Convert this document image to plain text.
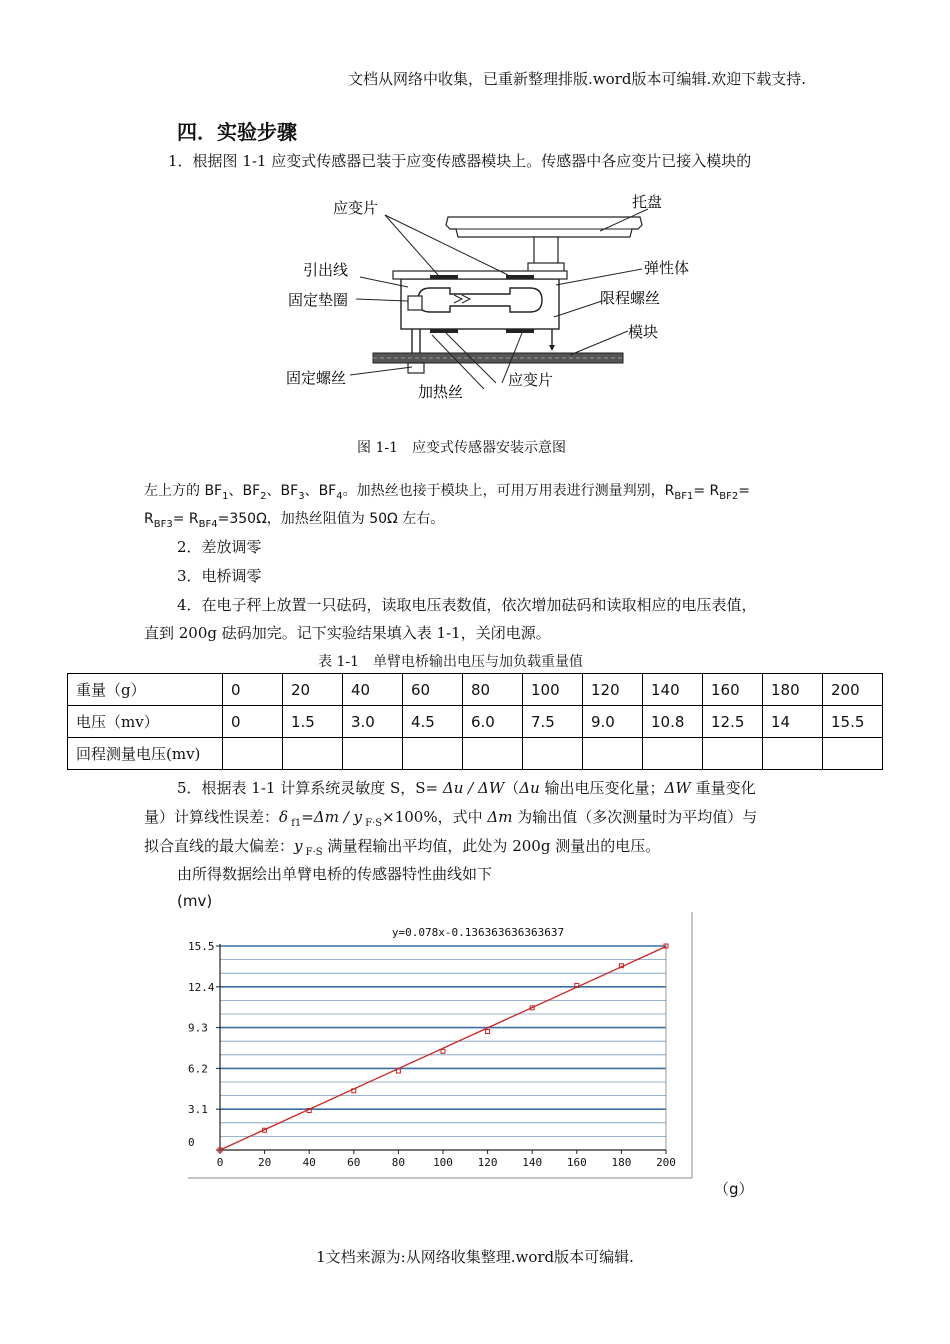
文档从网络中收集，已重新整理排版.word版本可编辑.欢迎下载支持.
四．实验步骤
1．根据图 1-1 应变式传感器已装于应变传感器模块上。传感器中各应变片已接入模块的
应变片	托盘
引出线	弹性体
固定垫圈	限程螺丝
模块
固定螺丝
加热丝
应变片
图 1-1　应变式传感器安装示意图
左上方的 $BF_1$、$BF_2$、$BF_3$、$BF_4$。加热丝也接于模块上，可用万用表进行测量判别，$R_{BF1}= R_{BF2}=$
$R_{BF3}= R_{BF4}=350\Omega$，加热丝阻值为 50Ω 左右。
2．差放调零
3．电桥调零
4．在电子秤上放置一只砝码，读取电压表数值，依次增加砝码和读取相应的电压表值，
直到 200g 砝码加完。记下实验结果填入表 1-1，关闭电源。
表 1-1　单臂电桥输出电压与加负载重量值
重量（g）	0	20	40	60	80	100	120	140	160	180	200
电压（mv）	0	1.5	3.0	4.5	6.0	7.5	9.0	10.8	12.5	14	15.5
回程测量电压(mv)											
5．根据表 1-1 计算系统灵敏度 S，S= Δu / ΔW（Δu 输出电压变化量；ΔW 重量变化
量）计算线性误差：δ $_{f1}$=Δm / y $_{F\cdot S}$×100%，式中 Δm 为输出值（多次测量时为平均值）与
拟合直线的最大偏差：y $_{F\cdot S}$ 满量程输出平均值，此处为 200g 测量出的电压。
由所得数据绘出单臂电桥的传感器特性曲线如下
(mv)
0	20	40	60	80	100 120 140 160 180 200
0
3.1
6.2
9.3
12.4
15.5
y=0.078x-0.136363636363637
（g）
1文档来源为:从网络收集整理.word版本可编辑.
